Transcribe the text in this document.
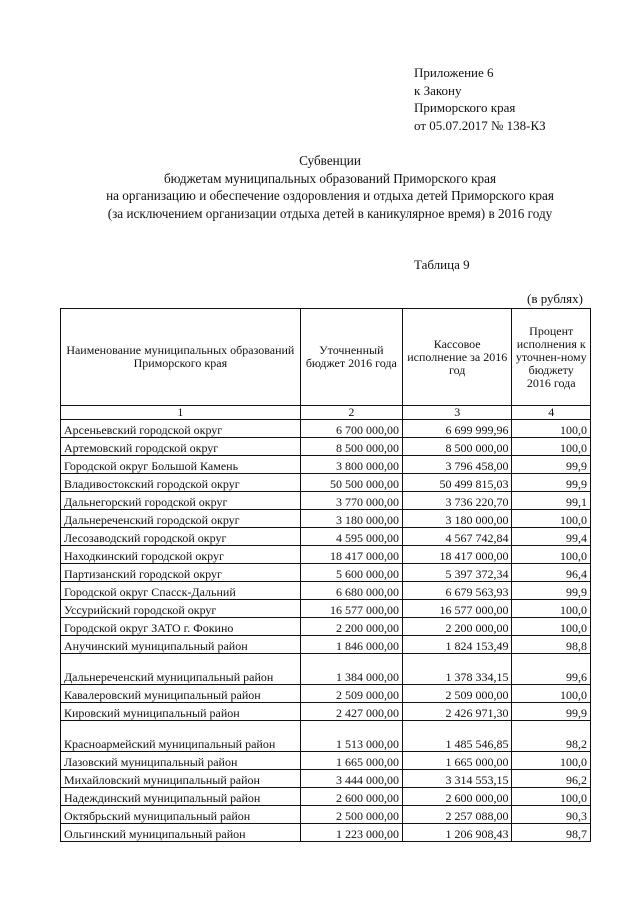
Приложение 6
к Закону
Приморского края
от 05.07.2017 № 138-КЗ
Субвенции
бюджетам муниципальных образований Приморского края
на организацию и обеспечение оздоровления и отдыха детей Приморского края
(за исключением организации отдыха детей в каникулярное время) в 2016 году
Таблица 9
(в рублях)
Наименование муниципальных образований Приморского края	Уточненный бюджет 2016 года	Кассовое исполнение за 2016 год	Процент исполнения к уточнен-ному бюджету 2016 года
1	2	3	4
Арсеньевский городской округ	6 700 000,00	6 699 999,96	100,0
Артемовский городской округ	8 500 000,00	8 500 000,00	100,0
Городской округ Большой Камень	3 800 000,00	3 796 458,00	99,9
Владивостокский городской округ	50 500 000,00	50 499 815,03	99,9
Дальнегорский городской округ	3 770 000,00	3 736 220,70	99,1
Дальнереченский городской округ	3 180 000,00	3 180 000,00	100,0
Лесозаводский городской округ	4 595 000,00	4 567 742,84	99,4
Находкинский городской округ	18 417 000,00	18 417 000,00	100,0
Партизанский городской округ	5 600 000,00	5 397 372,34	96,4
Городской округ Спасск-Дальний	6 680 000,00	6 679 563,93	99,9
Уссурийский городской округ	16 577 000,00	16 577 000,00	100,0
Городской округ ЗАТО г. Фокино	2 200 000,00	2 200 000,00	100,0
Анучинский муниципальный район	1 846 000,00	1 824 153,49	98,8
Дальнереченский муниципальный район	1 384 000,00	1 378 334,15	99,6
Кавалеровский муниципальный район	2 509 000,00	2 509 000,00	100,0
Кировский муниципальный район	2 427 000,00	2 426 971,30	99,9
Красноармейский муниципальный район	1 513 000,00	1 485 546,85	98,2
Лазовский муниципальный район	1 665 000,00	1 665 000,00	100,0
Михайловский муниципальный район	3 444 000,00	3 314 553,15	96,2
Надеждинский муниципальный район	2 600 000,00	2 600 000,00	100,0
Октябрьский муниципальный район	2 500 000,00	2 257 088,00	90,3
Ольгинский муниципальный район	1 223 000,00	1 206 908,43	98,7
